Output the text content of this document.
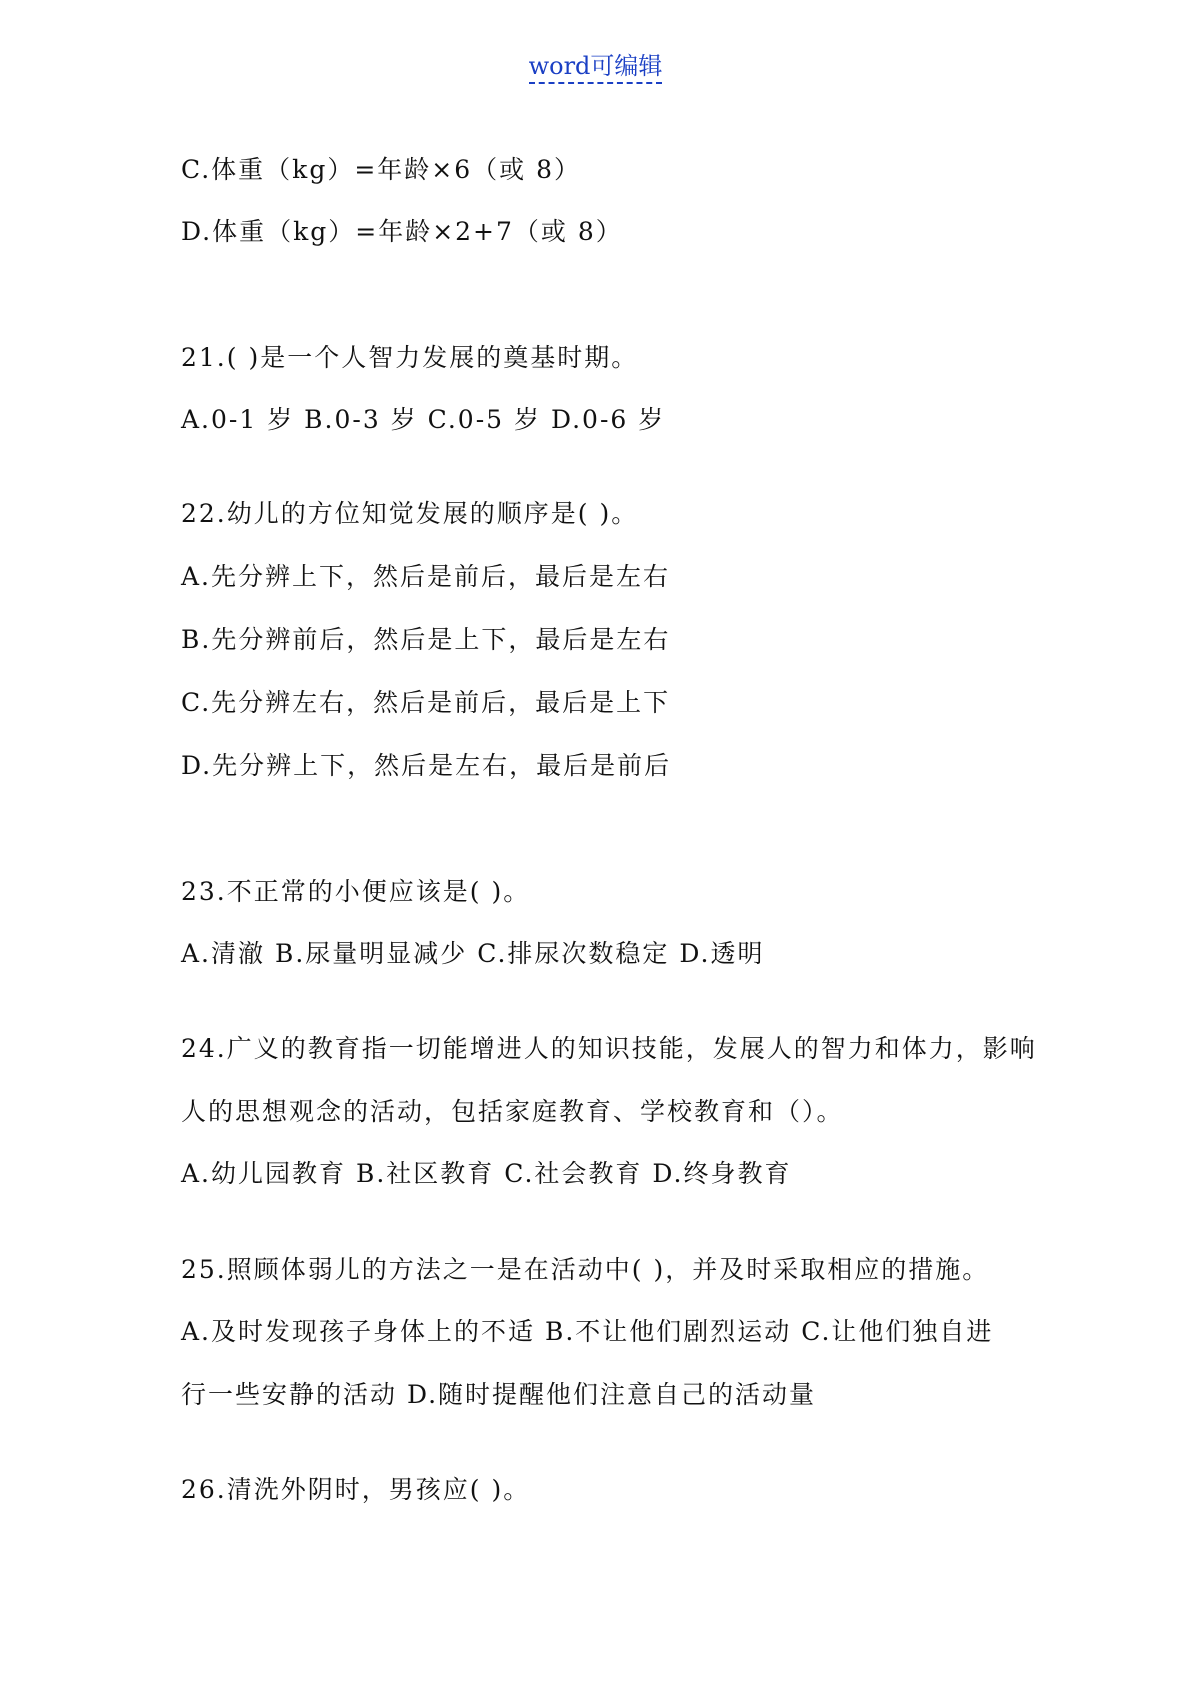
word可编辑
C.体重（kg）=年龄×6（或 8）
D.体重（kg）=年龄×2+7（或 8）
21.( )是一个人智力发展的奠基时期。
A.0-1 岁 B.0-3 岁 C.0-5 岁 D.0-6 岁
22.幼儿的方位知觉发展的顺序是( )。
A.先分辨上下，然后是前后，最后是左右
B.先分辨前后，然后是上下，最后是左右
C.先分辨左右，然后是前后，最后是上下
D.先分辨上下，然后是左右，最后是前后
23.不正常的小便应该是( )。
A.清澈 B.尿量明显减少 C.排尿次数稳定 D.透明
24.广义的教育指一切能增进人的知识技能，发展人的智力和体力，影响
人的思想观念的活动，包括家庭教育、学校教育和（）。
A.幼儿园教育 B.社区教育 C.社会教育 D.终身教育
25.照顾体弱儿的方法之一是在活动中( )，并及时采取相应的措施。
A.及时发现孩子身体上的不适 B.不让他们剧烈运动 C.让他们独自进
行一些安静的活动 D.随时提醒他们注意自己的活动量
26.清洗外阴时，男孩应( )。
